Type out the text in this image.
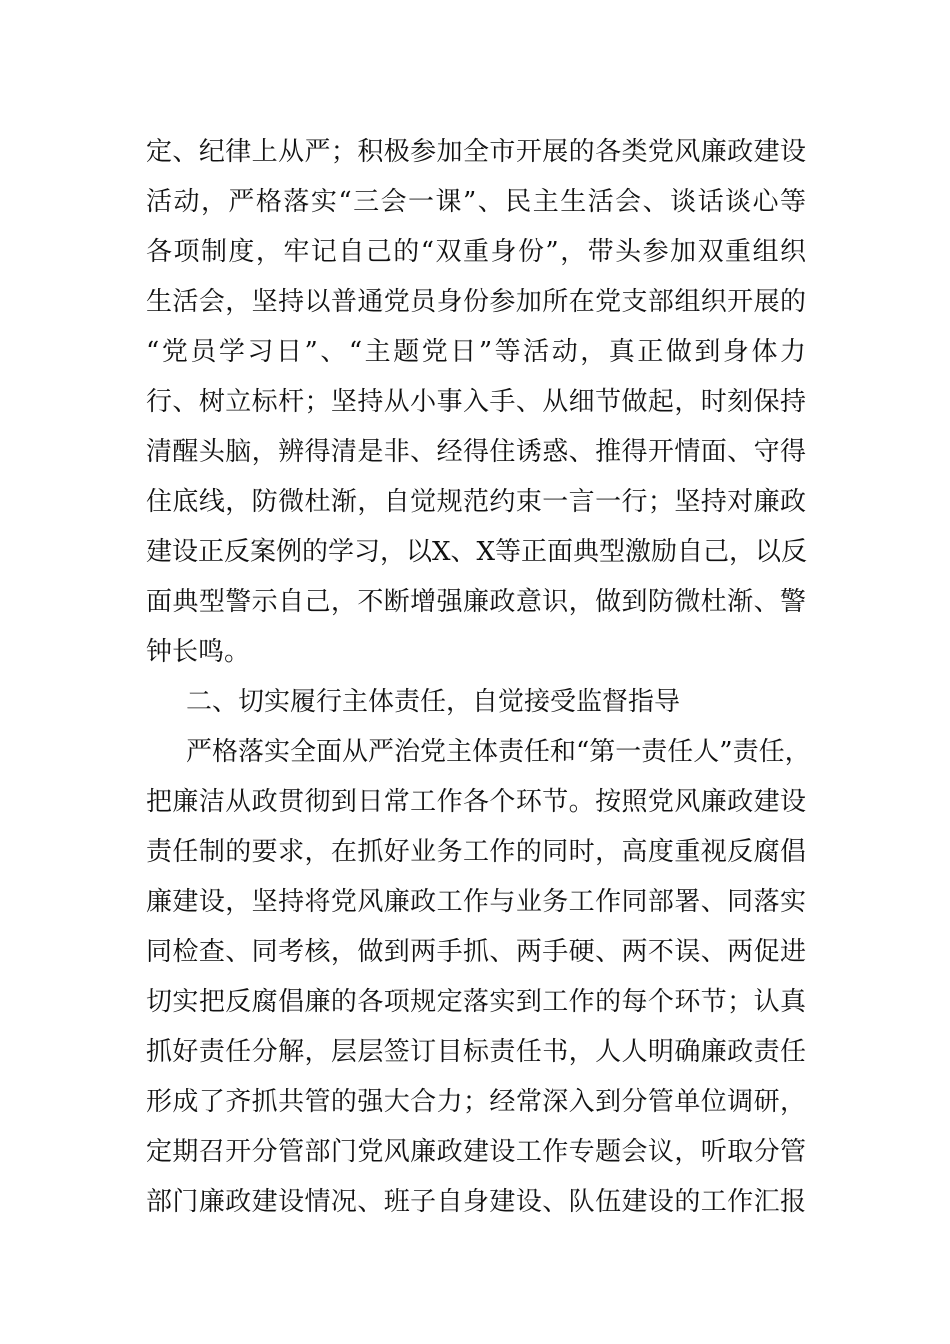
定、纪律上从严；积极参加全市开展的各类党风廉政建设
活动，严格落实“三会一课”、民主生活会、谈话谈心等
各项制度，牢记自己的“双重身份”，带头参加双重组织
生活会，坚持以普通党员身份参加所在党支部组织开展的
“党员学习日”、“主题党日”等活动，真正做到身体力
行、树立标杆；坚持从小事入手、从细节做起，时刻保持
清醒头脑，辨得清是非、经得住诱惑、推得开情面、守得
住底线，防微杜渐，自觉规范约束一言一行；坚持对廉政
建设正反案例的学习，以X、X等正面典型激励自己，以反
面典型警示自己，不断增强廉政意识，做到防微杜渐、警
钟长鸣。
二、切实履行主体责任，自觉接受监督指导
严格落实全面从严治党主体责任和“第一责任人”责任，
把廉洁从政贯彻到日常工作各个环节。按照党风廉政建设
责任制的要求，在抓好业务工作的同时，高度重视反腐倡
廉建设，坚持将党风廉政工作与业务工作同部署、同落实
同检查、同考核，做到两手抓、两手硬、两不误、两促进
切实把反腐倡廉的各项规定落实到工作的每个环节；认真
抓好责任分解，层层签订目标责任书，人人明确廉政责任
形成了齐抓共管的强大合力；经常深入到分管单位调研，
定期召开分管部门党风廉政建设工作专题会议，听取分管
部门廉政建设情况、班子自身建设、队伍建设的工作汇报
